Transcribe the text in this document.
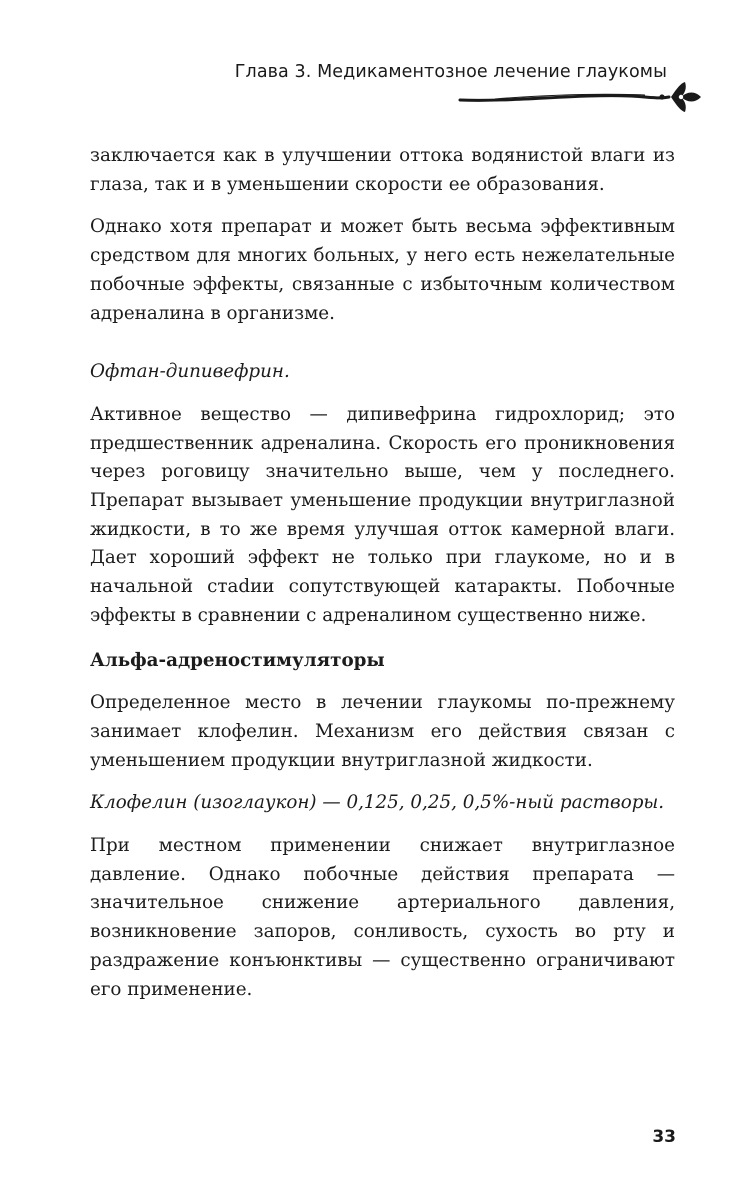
Глава 3. Медикаментозное лечение глаукомы

заключается как в улучшении оттока водянистой влаги из глаза, так и в уменьшении скорости ее образования.

Однако хотя препарат и может быть весьма эффективным средством для многих больных, у него есть нежелательные побочные эффекты, связанные с избыточным количеством адреналина в организме.

Офтан-дипивефрин.

Активное вещество — дипивефрина гидрохлорид; это предшественник адреналина. Скорость его проникновения через роговицу значительно выше, чем у последнего. Препарат вызывает уменьшение продукции внутриглазной жидкости, в то же время улучшая отток камерной влаги. Дает хороший эффект не только при глаукоме, но и в начальной стаdии сопутствующей катаракты. Побочные эффекты в сравнении с адреналином существенно ниже.

Альфа-адреностимуляторы

Определенное место в лечении глаукомы по-прежнему занимает клофелин. Механизм его действия связан с уменьшением продукции внутриглазной жидкости.

Клофелин (изоглаукон) — 0,125, 0,25, 0,5%-ный растворы.

При местном применении снижает внутриглазное давление. Однако побочные действия препарата — значительное снижение артериального давления, возникновение запоров, сонливость, сухость во рту и раздражение конъюнктивы — существенно ограничивают его применение.

33
